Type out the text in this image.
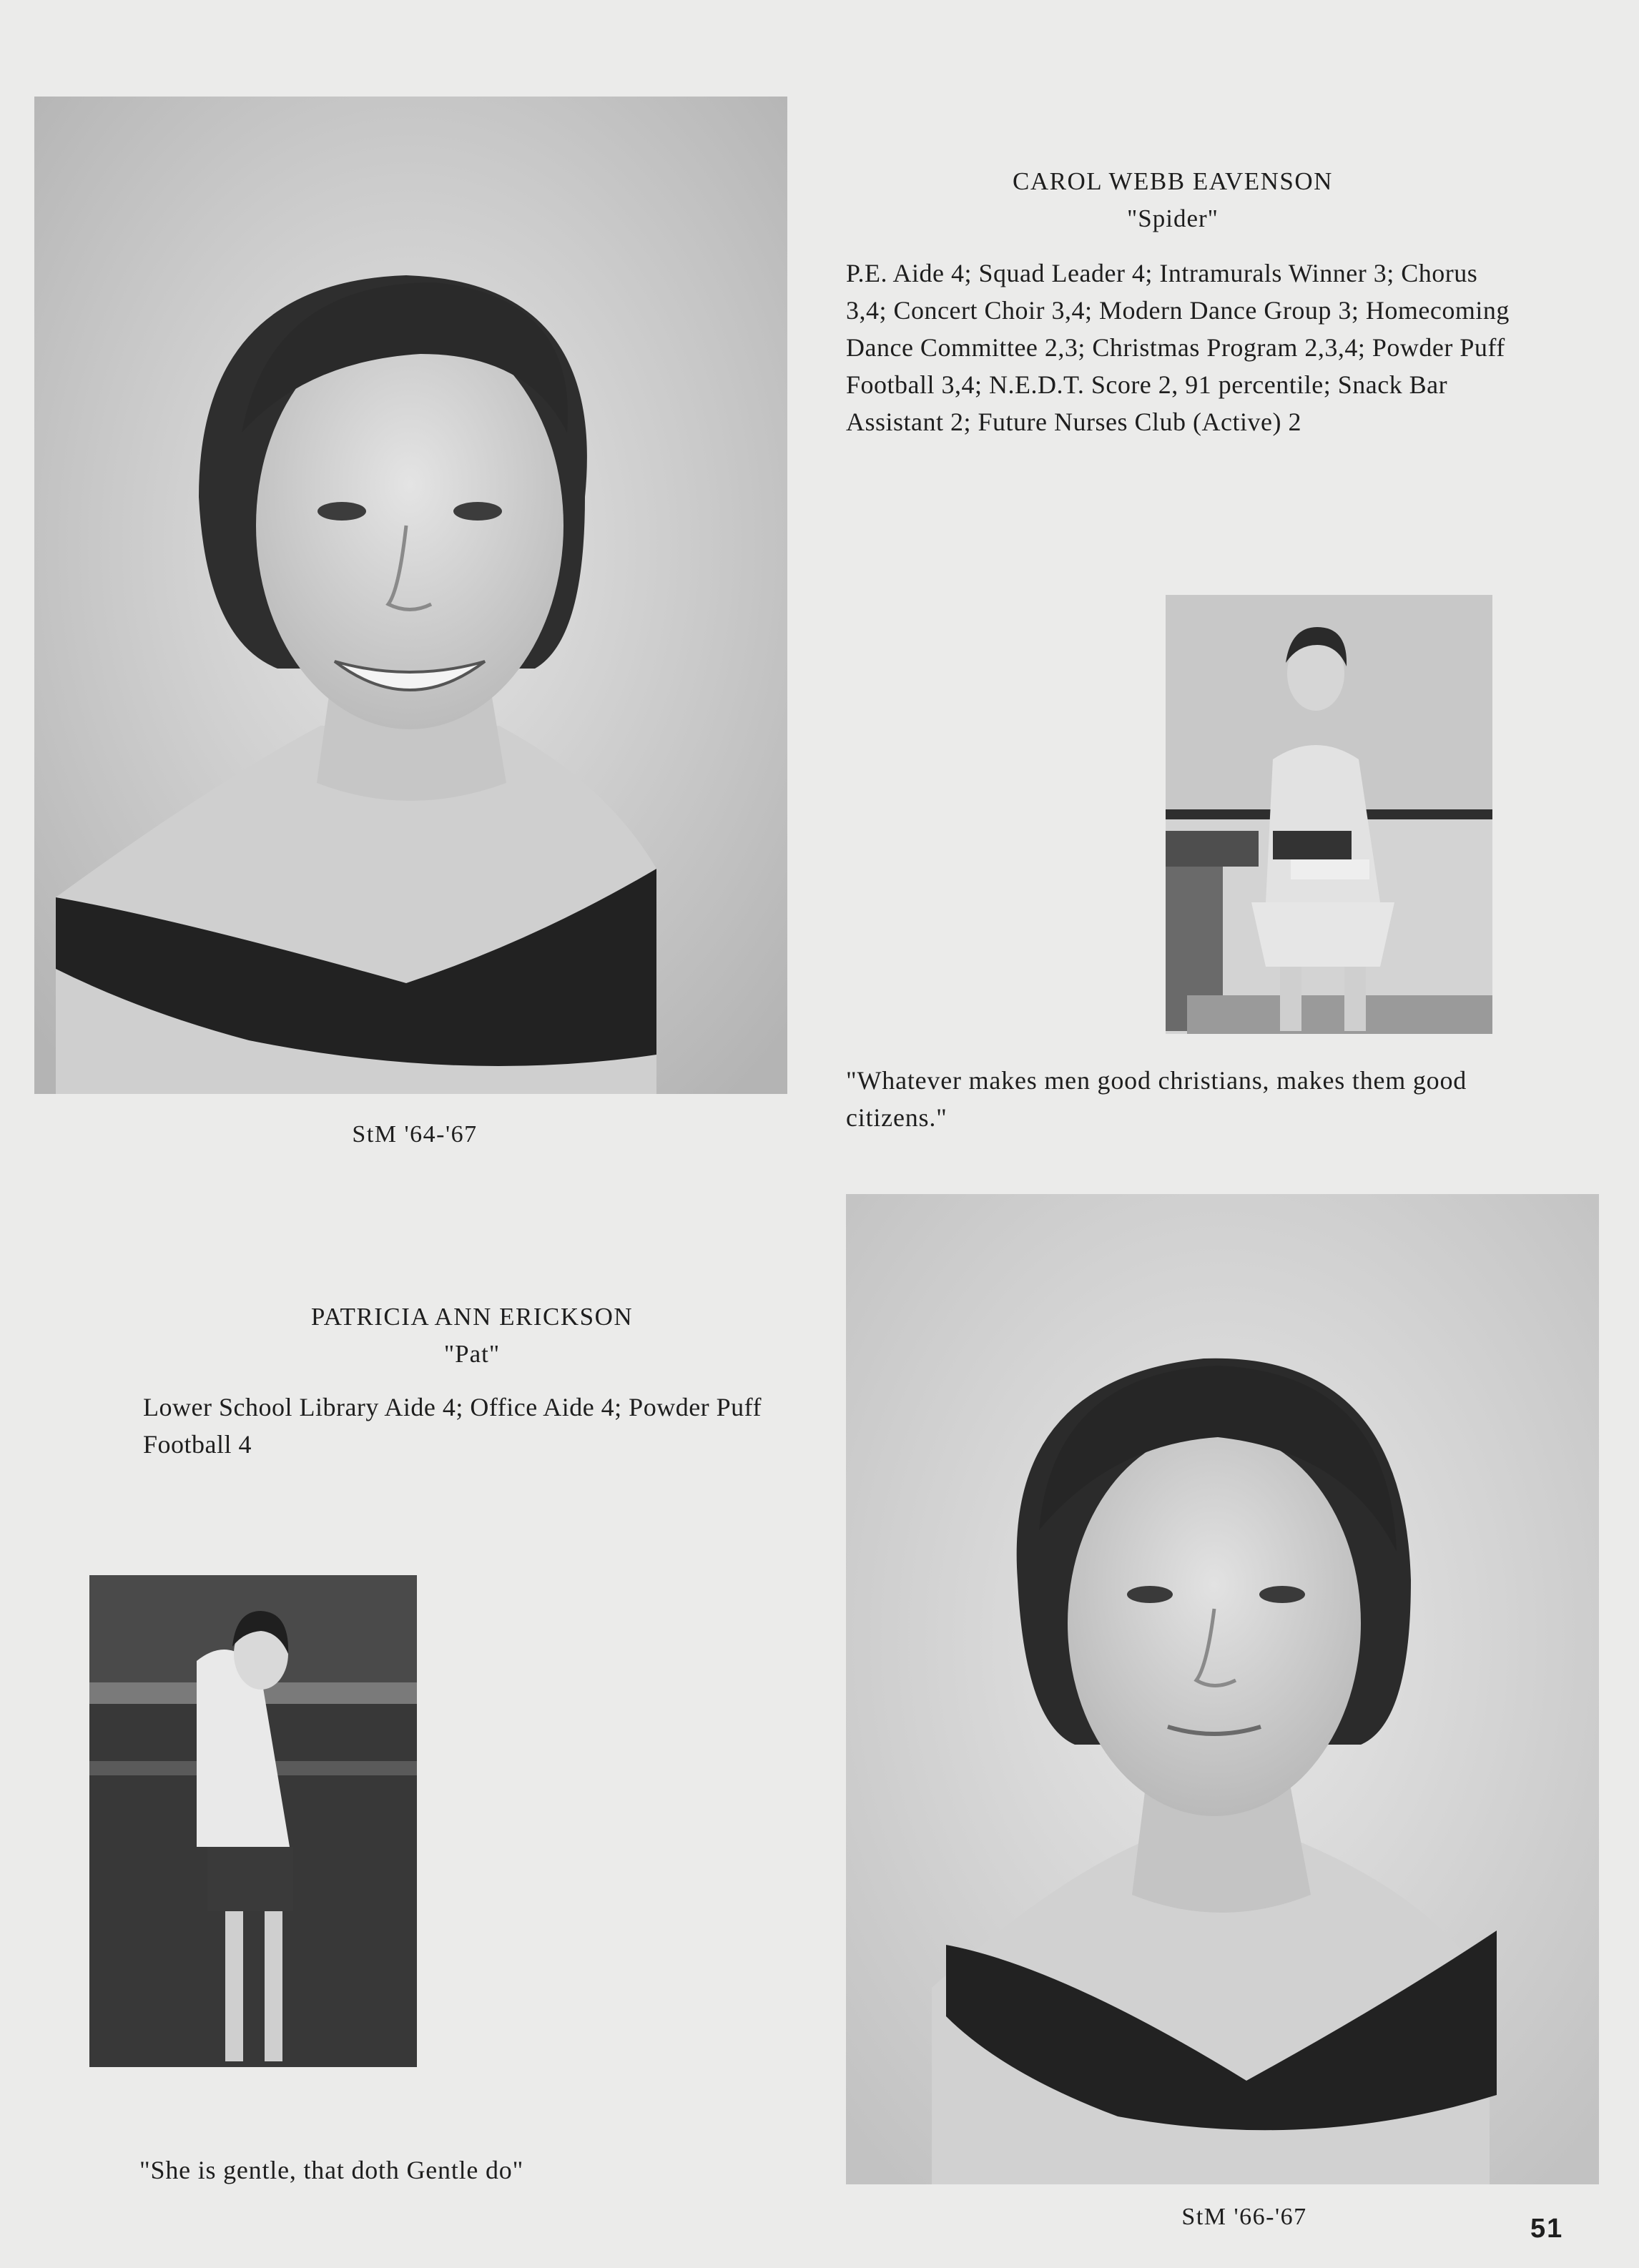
CAROL WEBB EAVENSON
"Spider"
P.E. Aide 4; Squad Leader 4; Intramurals Winner 3; Chorus 3,4; Concert Choir 3,4; Modern Dance Group 3; Homecoming Dance Committee 2,3; Christmas Program 2,3,4; Powder Puff Football 3,4; N.E.D.T. Score 2, 91 percentile; Snack Bar Assistant 2; Future Nurses Club (Active) 2
"Whatever makes men good christians, makes them good citizens."
StM '64-'67
PATRICIA ANN ERICKSON
"Pat"
Lower School Library Aide 4; Office Aide 4; Powder Puff Football 4
"She is gentle, that doth Gentle do"
StM '66-'67	51
